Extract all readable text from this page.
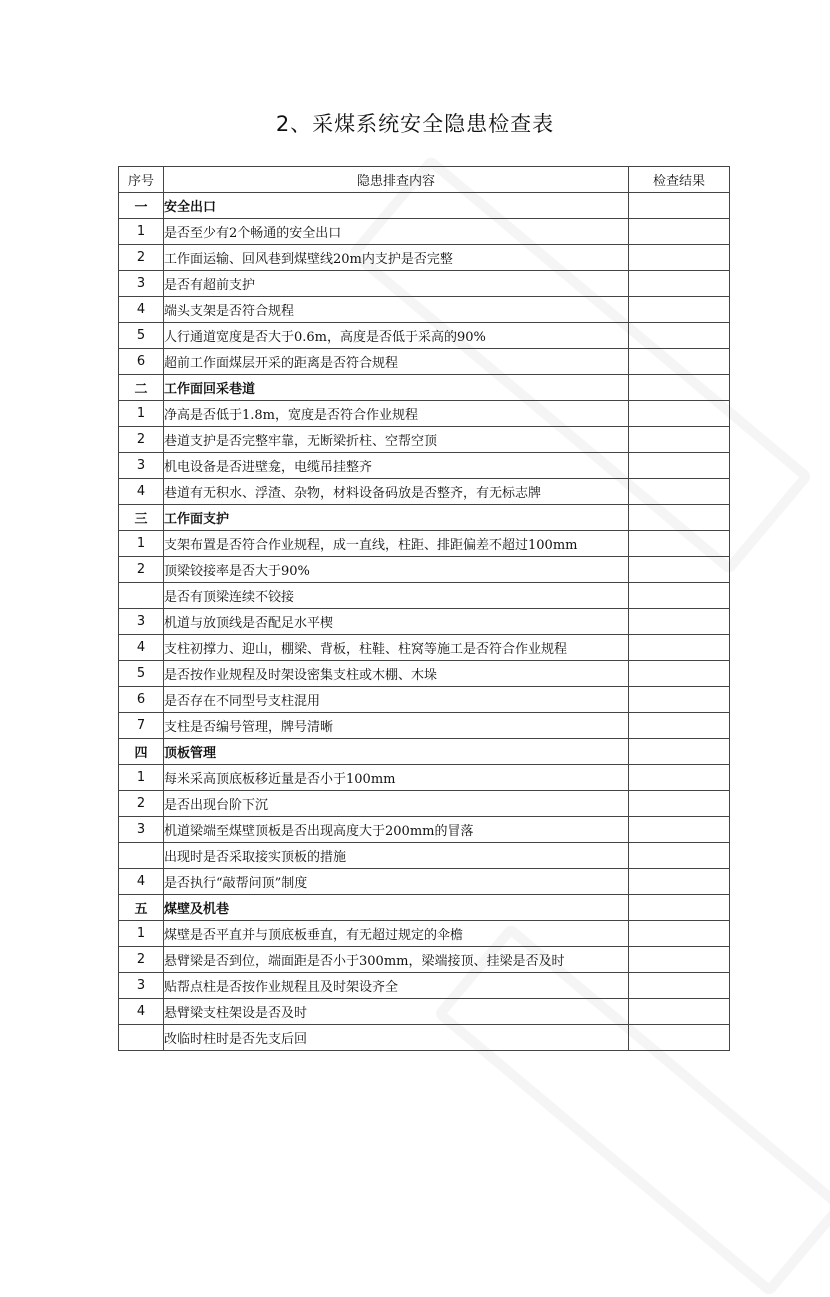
2、采煤系统安全隐患检查表
序号	隐患排查内容	检查结果
一	安全出口	
1	是否至少有2个畅通的安全出口	
2	工作面运输、回风巷到煤壁线20m内支护是否完整	
3	是否有超前支护	
4	端头支架是否符合规程	
5	人行通道宽度是否大于0.6m，高度是否低于采高的90%	
6	超前工作面煤层开采的距离是否符合规程	
二	工作面回采巷道	
1	净高是否低于1.8m，宽度是否符合作业规程	
2	巷道支护是否完整牢靠，无断梁折柱、空帮空顶	
3	机电设备是否进壁龛，电缆吊挂整齐	
4	巷道有无积水、浮渣、杂物，材料设备码放是否整齐，有无标志牌	
三	工作面支护	
1	支架布置是否符合作业规程，成一直线，柱距、排距偏差不超过100mm	
2	顶梁铰接率是否大于90%	
	是否有顶梁连续不铰接	
3	机道与放顶线是否配足水平楔	
4	支柱初撑力、迎山，棚梁、背板，柱鞋、柱窝等施工是否符合作业规程	
5	是否按作业规程及时架设密集支柱或木棚、木垛	
6	是否存在不同型号支柱混用	
7	支柱是否编号管理，牌号清晰	
四	顶板管理	
1	每米采高顶底板移近量是否小于100mm	
2	是否出现台阶下沉	
3	机道梁端至煤壁顶板是否出现高度大于200mm的冒落	
	出现时是否采取接实顶板的措施	
4	是否执行“敲帮问顶”制度	
五	煤壁及机巷	
1	煤壁是否平直并与顶底板垂直，有无超过规定的伞檐	
2	悬臂梁是否到位，端面距是否小于300mm，梁端接顶、挂梁是否及时	
3	贴帮点柱是否按作业规程且及时架设齐全	
4	悬臂梁支柱架设是否及时	
	改临时柱时是否先支后回	
